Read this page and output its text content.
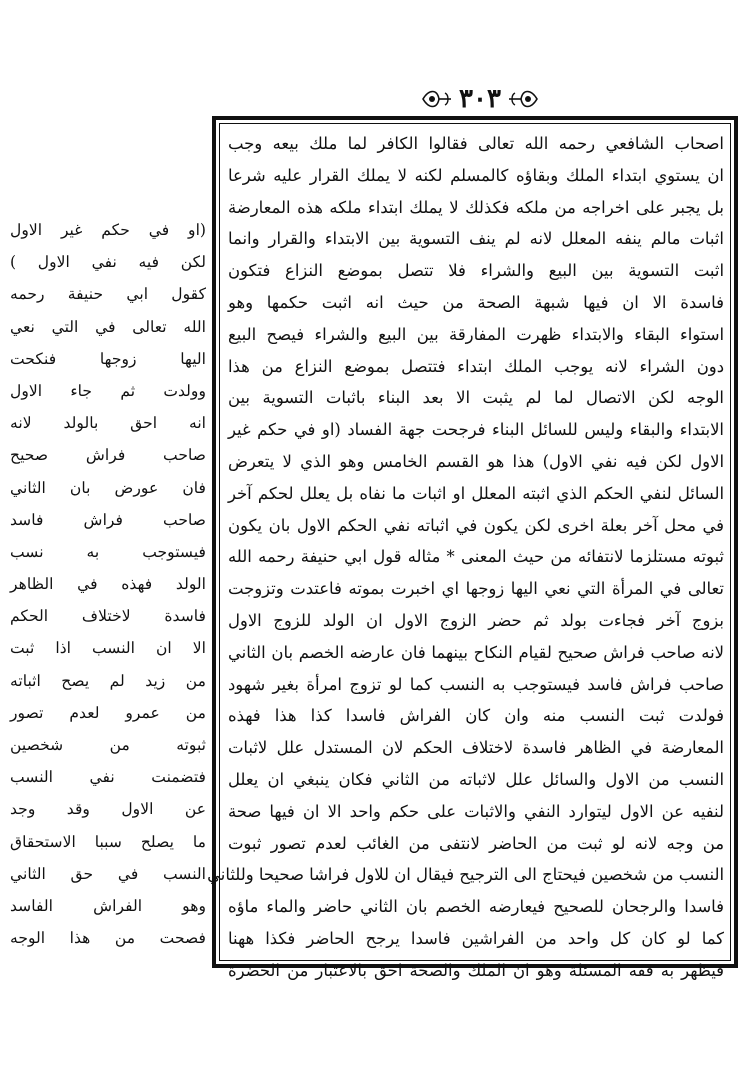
٣٠٣
اصحاب الشافعي رحمه الله تعالى فقالوا الكافر لما ملك بيعه وجب
ان يستوي ابتداء الملك وبقاؤه كالمسلم لكنه لا يملك القرار عليه شرعا
بل يجبر على اخراجه من ملكه فكذلك لا يملك ابتداء ملكه هذه المعارضة
اثبات مالم ينفه المعلل لانه لم ينف التسوية بين الابتداء والقرار وانما
اثبت التسوية بين البيع والشراء فلا تتصل بموضع النزاع فتكون
فاسدة الا ان فيها شبهة الصحة من حيث انه اثبت حكمها وهو
استواء البقاء والابتداء ظهرت المفارقة بين البيع والشراء فيصح البيع
دون الشراء لانه يوجب الملك ابتداء فتتصل بموضع النزاع من هذا
الوجه لكن الاتصال لما لم يثبت الا بعد البناء باثبات التسوية بين
الابتداء والبقاء وليس للسائل البناء فرجحت جهة الفساد (او في حكم غير
الاول لكن فيه نفي الاول) هذا هو القسم الخامس وهو الذي لا يتعرض
السائل لنفي الحكم الذي اثبته المعلل او اثبات ما نفاه بل يعلل لحكم آخر
في محل آخر بعلة اخرى لكن يكون في اثباته نفي الحكم الاول بان يكون
ثبوته مستلزما لانتفائه من حيث المعنى * مثاله قول ابي حنيفة رحمه الله
تعالى في المرأة التي نعي اليها زوجها اي اخبرت بموته فاعتدت وتزوجت
بزوج آخر فجاءت بولد ثم حضر الزوج الاول ان الولد للزوج الاول
لانه صاحب فراش صحيح لقيام النكاح بينهما فان عارضه الخصم بان الثاني
صاحب فراش فاسد فيستوجب به النسب كما لو تزوج امرأة بغير شهود
فولدت ثبت النسب منه وان كان الفراش فاسدا كذا هذا فهذه
المعارضة في الظاهر فاسدة لاختلاف الحكم لان المستدل علل لاثبات
النسب من الاول والسائل علل لاثباته من الثاني فكان ينبغي ان يعلل
لنفيه عن الاول ليتوارد النفي والاثبات على حكم واحد الا ان فيها صحة
من وجه لانه لو ثبت من الحاضر لانتفى من الغائب لعدم تصور ثبوت
النسب من شخصين فيحتاج الى الترجيح فيقال ان للاول فراشا صحيحا وللثاني
فاسدا والرجحان للصحيح فيعارضه الخصم بان الثاني حاضر والماء ماؤه
كما لو كان كل واحد من الفراشين فاسدا يرجح الحاضر فكذا ههنا
فيظهر به فقه المسئلة وهو ان الملك والصحة احق بالاعتبار من الحضرة
(او في حكم غير الاول
لكن فيه نفي الاول )
كقول ابي حنيفة رحمه
الله تعالى في التي نعي
اليها زوجها فنكحت
وولدت ثم جاء الاول
انه احق بالولد لانه
صاحب فراش صحيح
فان عورض بان الثاني
صاحب فراش فاسد
فيستوجب به نسب
الولد فهذه في الظاهر
فاسدة لاختلاف الحكم
الا ان النسب اذا ثبت
من زيد لم يصح اثباته
من عمرو لعدم تصور
ثبوته من شخصين
فتضمنت نفي النسب
عن الاول وقد وجد
ما يصلح سببا الاستحقاق
النسب في حق الثاني
وهو الفراش الفاسد
فصحت من هذا الوجه
